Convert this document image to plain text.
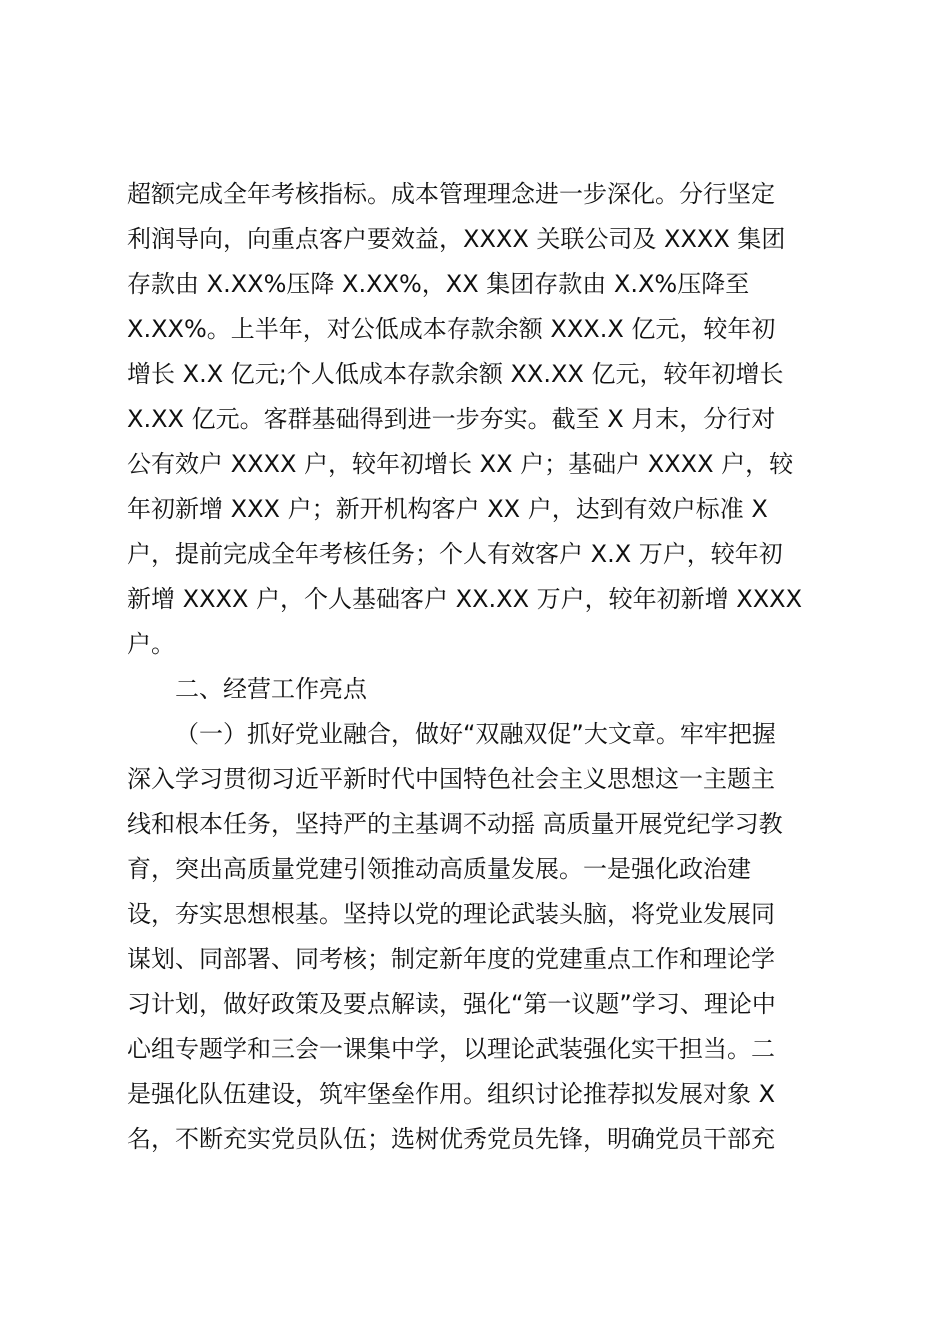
超额完成全年考核指标。成本管理理念进一步深化。分行坚定
利润导向，向重点客户要效益，XXXX 关联公司及 XXXX 集团
存款由 X.XX%压降 X.XX%，XX 集团存款由 X.X%压降至
X.XX%。上半年，对公低成本存款余额 XXX.X 亿元，较年初
增长 X.X 亿元;个人低成本存款余额 XX.XX 亿元，较年初增长
X.XX 亿元。客群基础得到进一步夯实。截至 X 月末，分行对
公有效户 XXXX 户，较年初增长 XX 户；基础户 XXXX 户，较
年初新增 XXX 户；新开机构客户 XX 户，达到有效户标准 X
户，提前完成全年考核任务；个人有效客户 X.X 万户，较年初
新增 XXXX 户，个人基础客户 XX.XX 万户，较年初新增 XXXX
户。
二、经营工作亮点
（一）抓好党业融合，做好“双融双促”大文章。牢牢把握
深入学习贯彻习近平新时代中国特色社会主义思想这一主题主
线和根本任务，坚持严的主基调不动摇 高质量开展党纪学习教
育，突出高质量党建引领推动高质量发展。一是强化政治建
设，夯实思想根基。坚持以党的理论武装头脑，将党业发展同
谋划、同部署、同考核；制定新年度的党建重点工作和理论学
习计划，做好政策及要点解读，强化“第一议题”学习、理论中
心组专题学和三会一课集中学，以理论武装强化实干担当。二
是强化队伍建设，筑牢堡垒作用。组织讨论推荐拟发展对象 X
名，不断充实党员队伍；选树优秀党员先锋，明确党员干部充
